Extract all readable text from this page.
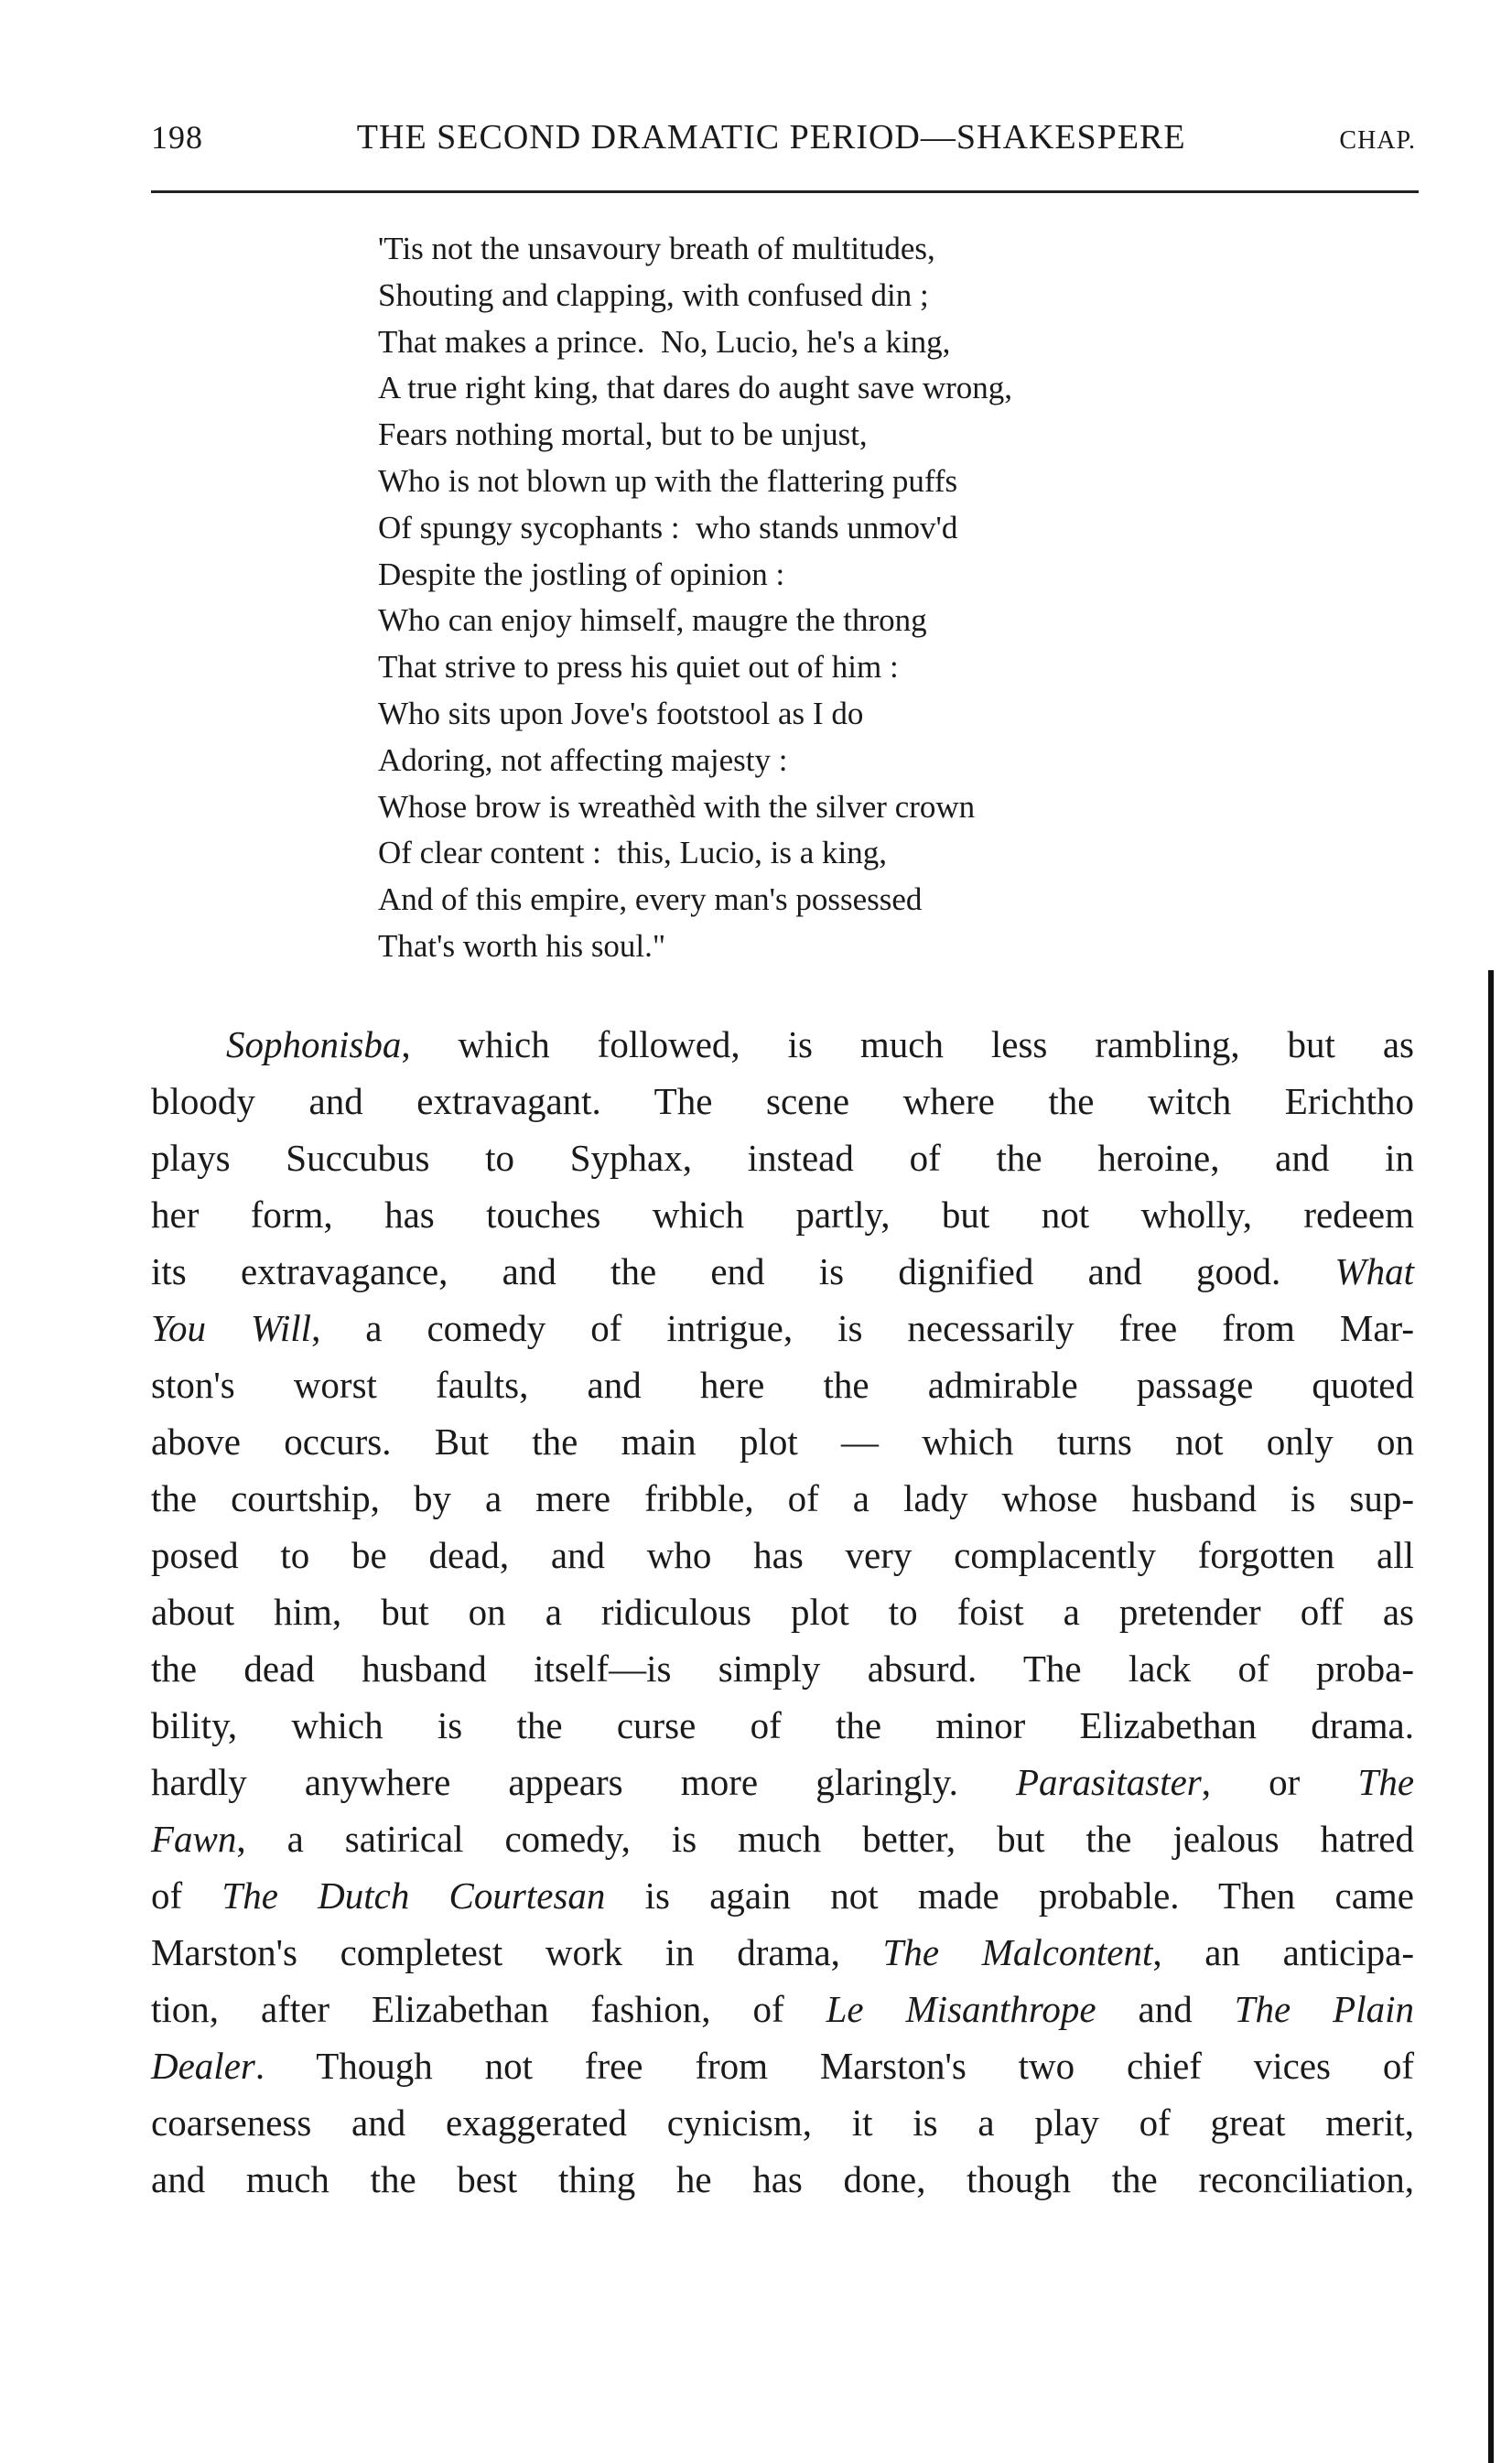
198	THE SECOND DRAMATIC PERIOD—SHAKESPERE	CHAP.
'Tis not the unsavoury breath of multitudes,
Shouting and clapping, with confused din ;
That makes a prince.  No, Lucio, he's a king,
A true right king, that dares do aught save wrong,
Fears nothing mortal, but to be unjust,
Who is not blown up with the flattering puffs
Of spungy sycophants :  who stands unmov'd
Despite the jostling of opinion :
Who can enjoy himself, maugre the throng
That strive to press his quiet out of him :
Who sits upon Jove's footstool as I do
Adoring, not affecting majesty :
Whose brow is wreathèd with the silver crown
Of clear content :  this, Lucio, is a king,
And of this empire, every man's possessed
That's worth his soul."
Sophonisba, which followed, is much less rambling, but as
bloody and extravagant. The scene where the witch Erichtho
plays Succubus to Syphax, instead of the heroine, and in
her form, has touches which partly, but not wholly, redeem
its extravagance, and the end is dignified and good. What
You Will, a comedy of intrigue, is necessarily free from Mar-
ston's worst faults, and here the admirable passage quoted
above occurs. But the main plot — which turns not only on
the courtship, by a mere fribble, of a lady whose husband is sup-
posed to be dead, and who has very complacently forgotten all
about him, but on a ridiculous plot to foist a pretender off as
the dead husband itself—is simply absurd. The lack of proba-
bility, which is the curse of the minor Elizabethan drama.
hardly anywhere appears more glaringly. Parasitaster, or The
Fawn, a satirical comedy, is much better, but the jealous hatred
of The Dutch Courtesan is again not made probable. Then came
Marston's completest work in drama, The Malcontent, an anticipa-
tion, after Elizabethan fashion, of Le Misanthrope and The Plain
Dealer. Though not free from Marston's two chief vices of
coarseness and exaggerated cynicism, it is a play of great merit,
and much the best thing he has done, though the reconciliation,
